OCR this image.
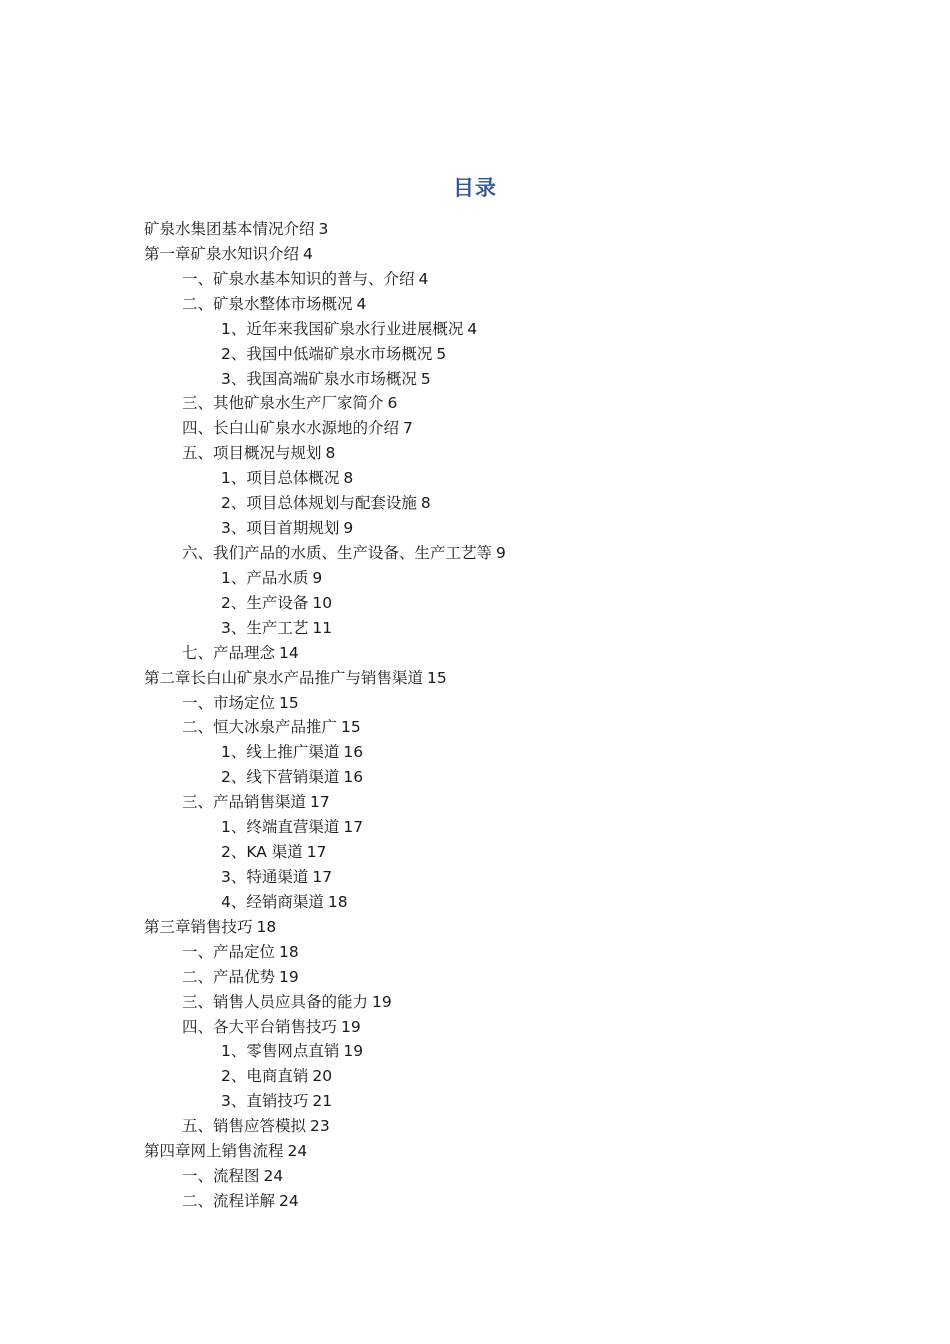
目录
矿泉水集团基本情况介绍 3
第一章矿泉水知识介绍 4
一、矿泉水基本知识的普与、介绍 4
二、矿泉水整体市场概况 4
1、近年来我国矿泉水行业进展概况 4
2、我国中低端矿泉水市场概况 5
3、我国高端矿泉水市场概况 5
三、其他矿泉水生产厂家简介 6
四、长白山矿泉水水源地的介绍 7
五、项目概况与规划 8
1、项目总体概况 8
2、项目总体规划与配套设施 8
3、项目首期规划 9
六、我们产品的水质、生产设备、生产工艺等 9
1、产品水质 9
2、生产设备 10
3、生产工艺 11
七、产品理念 14
第二章长白山矿泉水产品推广与销售渠道 15
一、市场定位 15
二、恒大冰泉产品推广 15
1、线上推广渠道 16
2、线下营销渠道 16
三、产品销售渠道 17
1、终端直营渠道 17
2、KA 渠道 17
3、特通渠道 17
4、经销商渠道 18
第三章销售技巧 18
一、产品定位 18
二、产品优势 19
三、销售人员应具备的能力 19
四、各大平台销售技巧 19
1、零售网点直销 19
2、电商直销 20
3、直销技巧 21
五、销售应答模拟 23
第四章网上销售流程 24
一、流程图 24
二、流程详解 24
